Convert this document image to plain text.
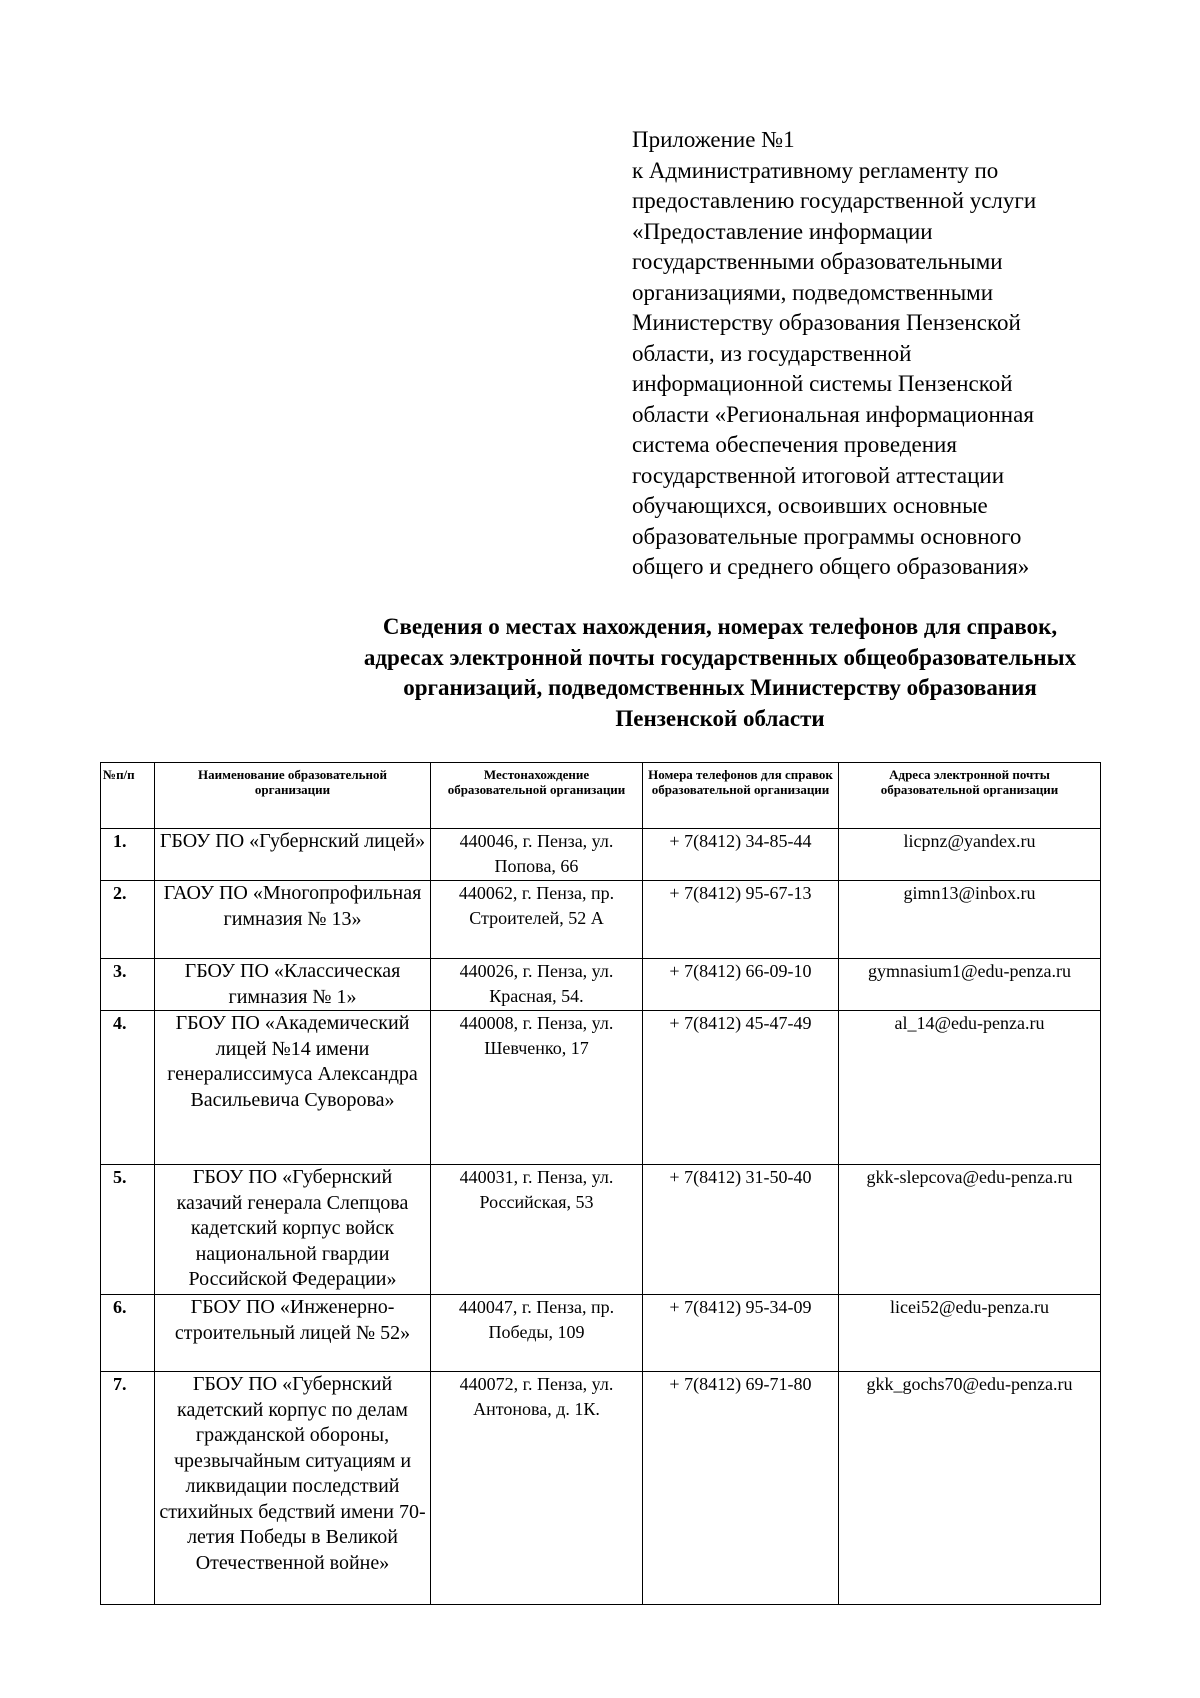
Приложение №1
к Административному регламенту по
предоставлению государственной услуги
«Предоставление информации
государственными образовательными
организациями, подведомственными
Министерству образования Пензенской
области, из государственной
информационной системы Пензенской
области «Региональная информационная
система обеспечения проведения
государственной итоговой аттестации
обучающихся, освоивших основные
образовательные программы основного
общего и среднего общего образования»
Сведения о местах нахождения, номерах телефонов для справок,
адресах электронной почты государственных общеобразовательных
организаций, подведомственных Министерству образования
Пензенской области
№п/п	Наименование образовательной организации	Местонахождение образовательной организации	Номера телефонов для справок образовательной организации	Адреса электронной почты образовательной организации
1.	ГБОУ ПО «Губернский лицей»	440046, г. Пенза, ул. Попова, 66	+ 7(8412) 34-85-44	licpnz@yandex.ru
2.	ГАОУ ПО «Многопрофильная гимназия № 13»	440062, г. Пенза, пр. Строителей, 52 А	+ 7(8412) 95-67-13	gimn13@inbox.ru
3.	ГБОУ ПО «Классическая гимназия № 1»	440026, г. Пенза, ул. Красная, 54.	+ 7(8412) 66-09-10	gymnasium1@edu-penza.ru
4.	ГБОУ ПО «Академический лицей №14 имени генералиссимуса Александра Васильевича Суворова»	440008, г. Пенза, ул. Шевченко, 17	+ 7(8412) 45-47-49	al_14@edu-penza.ru
5.	ГБОУ ПО «Губернский казачий генерала Слепцова кадетский корпус войск национальной гвардии Российской Федерации»	440031, г. Пенза, ул. Российская, 53	+ 7(8412) 31-50-40	gkk-slepcova@edu-penza.ru
6.	ГБОУ ПО «Инженерно-строительный лицей № 52»	440047, г. Пенза, пр. Победы, 109	+ 7(8412) 95-34-09	licei52@edu-penza.ru
7.	ГБОУ ПО «Губернский кадетский корпус по делам гражданской обороны, чрезвычайным ситуациям и ликвидации последствий стихийных бедствий имени 70-летия Победы в Великой Отечественной войне»	440072, г. Пенза, ул. Антонова, д. 1К.	+ 7(8412) 69-71-80	gkk_gochs70@edu-penza.ru
